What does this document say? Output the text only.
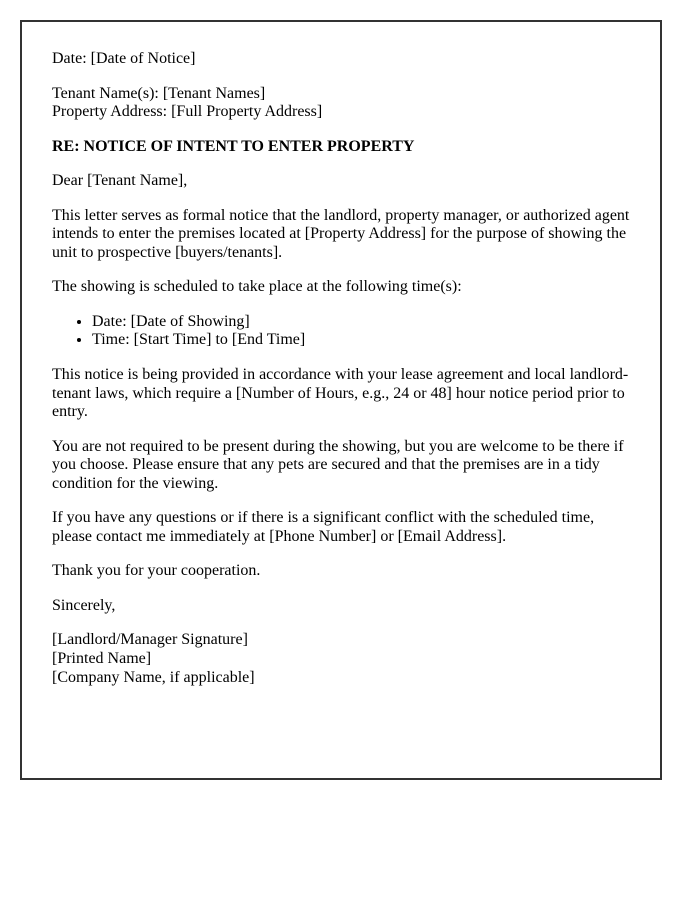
Date: [Date of Notice]

Tenant Name(s): [Tenant Names]
Property Address: [Full Property Address]

RE: NOTICE OF INTENT TO ENTER PROPERTY

Dear [Tenant Name],

This letter serves as formal notice that the landlord, property manager, or authorized agent intends to enter the premises located at [Property Address] for the purpose of showing the unit to prospective [buyers/tenants].

The showing is scheduled to take place at the following time(s):

• Date: [Date of Showing]
• Time: [Start Time] to [End Time]

This notice is being provided in accordance with your lease agreement and local landlord-tenant laws, which require a [Number of Hours, e.g., 24 or 48] hour notice period prior to entry.

You are not required to be present during the showing, but you are welcome to be there if you choose. Please ensure that any pets are secured and that the premises are in a tidy condition for the viewing.

If you have any questions or if there is a significant conflict with the scheduled time, please contact me immediately at [Phone Number] or [Email Address].

Thank you for your cooperation.

Sincerely,

[Landlord/Manager Signature]
[Printed Name]
[Company Name, if applicable]
